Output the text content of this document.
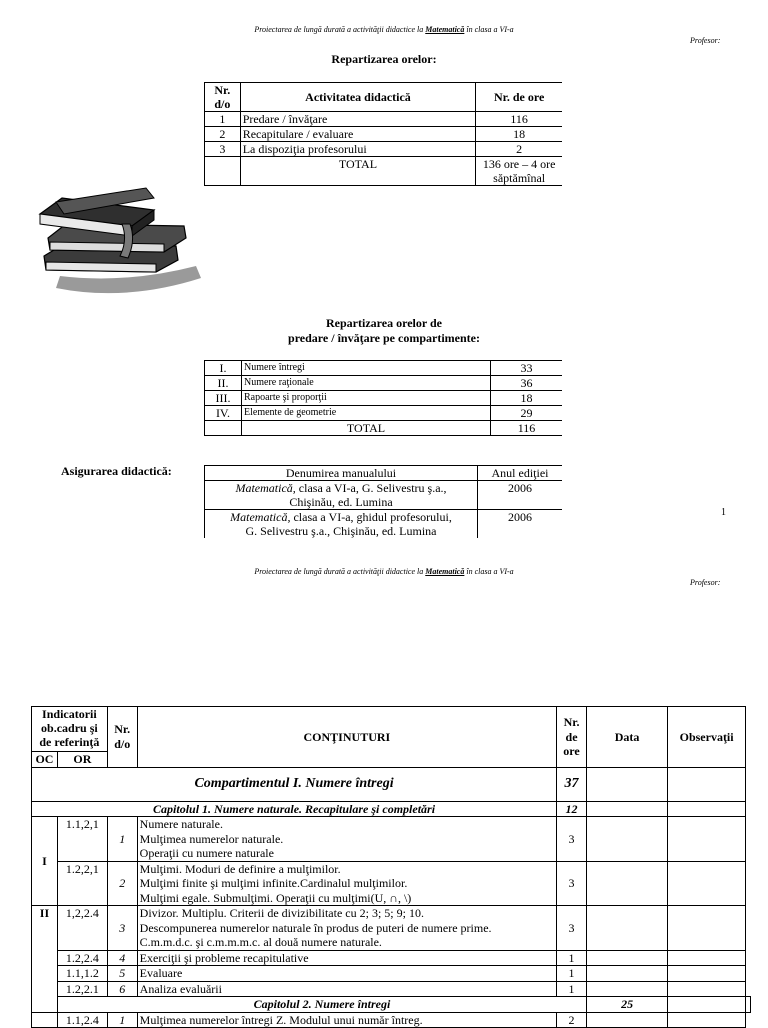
Proiectarea de lungă durată a activităţii didactice la Matematică în clasa a VI-a
Profesor:
Repartizarea orelor:
Nr. d/o	Activitatea didactică	Nr. de ore
1	Predare / învăţare	116
2	Recapitulare / evaluare	18
3	La dispoziţia profesorului	2
	TOTAL	136 ore – 4 ore săptămînal
Repartizarea orelor de
predare / învăţare pe compartimente:
I.	Numere întregi	33
II.	Numere raţionale	36
III.	Rapoarte şi proporţii	18
IV.	Elemente de geometrie	29
	TOTAL	116
Asigurarea didactică:	Denumirea manualului	Anul ediţiei
Matematică, clasa a VI-a, G. Selivestru ş.a.,
Chişinău, ed. Lumina	2006
Matematică, clasa a VI-a, ghidul profesorului,
G. Selivestru ş.a., Chişinău, ed. Lumina	2006	1
Proiectarea de lungă durată a activităţii didactice la Matematică în clasa a VI-a
Profesor:
Indicatorii ob.cadru şi de referinţă		Nr. d/o	CONŢINUTURI	Nr. de ore	Data	Observaţii	
OC	OR						
Compartimentul I. Numere întregi				37			
Capitolul 1. Numere naturale. Recapitulare şi completări				12			
I	1.1,2,1	1	Numere naturale.
Mulţimea numerelor naturale.
Operaţii cu numere naturale	3			
	1.2,2,1	2	Mulţimi. Moduri de definire a mulţimilor.
Mulţimi finite şi mulţimi infinite.Cardinalul mulţimilor.
Mulţimi egale. Submulţimi. Operaţii cu mulţimi(U, ∩, \)	3			
II	1,2,2.4	3	Divizor. Multiplu. Criterii de divizibilitate cu 2; 3; 5; 9; 10.
Descompunerea numerelor naturale în produs de puteri de numere prime.
C.m.m.d.c. şi c.m.m.m.c. al două numere naturale.	3			
	1.2,2.4	4	Exerciţii şi probleme recapitulative	1			
	1.1,1.2	5	Evaluare	1			
	1.2,2.1	6	Analiza evaluării	1			
	Capitolul 2. Numere întregi				25		
	1.1,2.4	1	Mulţimea numerelor întregi Z. Modulul unui număr întreg.	2			
